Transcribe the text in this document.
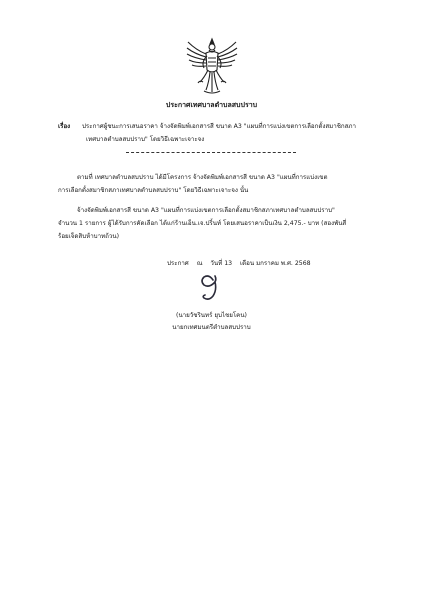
ประกาศเทศบาลตำบลสบปราบ
เรื่อง ประกาศผู้ชนะการเสนอราคา จ้างจัดพิมพ์เอกสารสี ขนาด A3 "แผนที่การแบ่งเขตการเลือกตั้งสมาชิกสภา
เทศบาลตำบลสบปราบ" โดยวิธีเฉพาะเจาะจง
ตามที่ เทศบาลตำบลสบปราบ ได้มีโครงการ จ้างจัดพิมพ์เอกสารสี ขนาด A3 "แผนที่การแบ่งเขต
การเลือกตั้งสมาชิกสภาเทศบาลตำบลสบปราบ" โดยวิธีเฉพาะเจาะจง นั้น
จ้างจัดพิมพ์เอกสารสี ขนาด A3 "แผนที่การแบ่งเขตการเลือกตั้งสมาชิกสภาเทศบาลตำบลสบปราบ"
จำนวน 1 รายการ ผู้ได้รับการคัดเลือก ได้แก่ร้านเอ็น.เจ.ปริ้นท์ โดยเสนอราคาเป็นเงิน 2,475.- บาท (สองพันสี่
ร้อยเจ็ดสิบห้าบาทถ้วน)
ประกาศ ณ วันที่ 13 เดือน มกราคม พ.ศ. 2568
(นายวัชรินทร์ ยุบไชยโคน)
นายกเทศมนตรีตำบลสบปราบ
